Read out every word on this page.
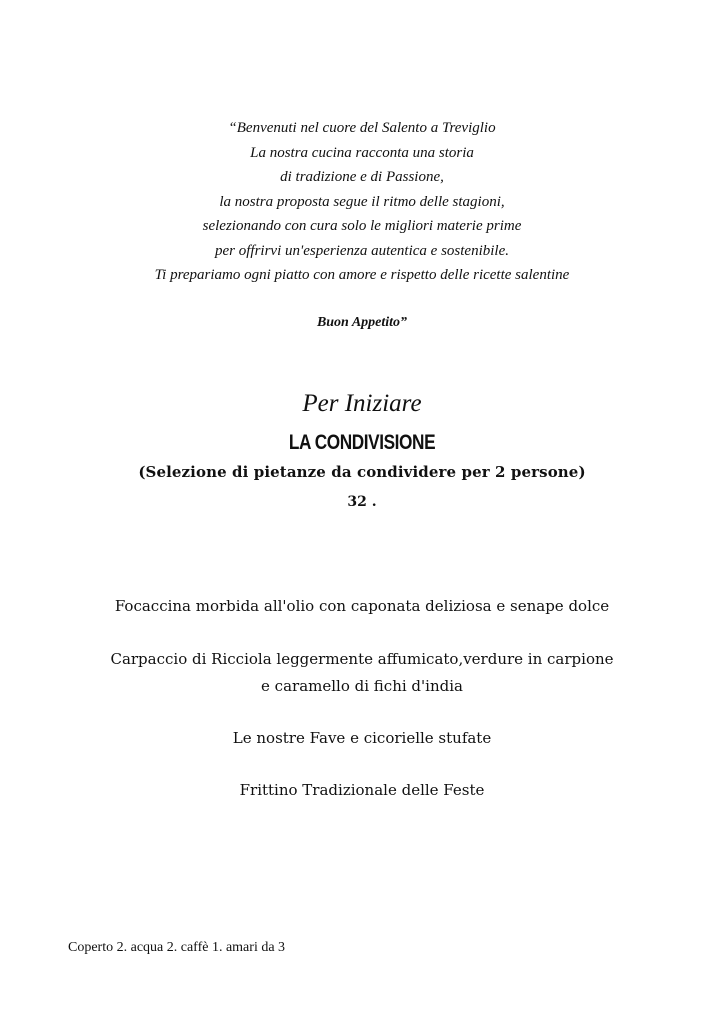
“Benvenuti nel cuore del Salento a Treviglio
La nostra cucina racconta una storia
di tradizione e di Passione,
la nostra proposta segue il ritmo delle stagioni,
selezionando con cura solo le migliori materie prime
per offrirvi un'esperienza autentica e sostenibile.
Ti prepariamo ogni piatto con amore e rispetto delle ricette salentine
Buon Appetito”
Per Iniziare
LA CONDIVISIONE
(Selezione di pietanze da condividere per 2 persone)
32 .
Focaccina morbida all'olio con caponata deliziosa e senape dolce
Carpaccio di Ricciola leggermente affumicato,verdure in carpione
e caramello di fichi d'india
Le nostre Fave e cicorielle stufate
Frittino Tradizionale delle Feste
Coperto 2. acqua 2. caffè 1. amari da 3
